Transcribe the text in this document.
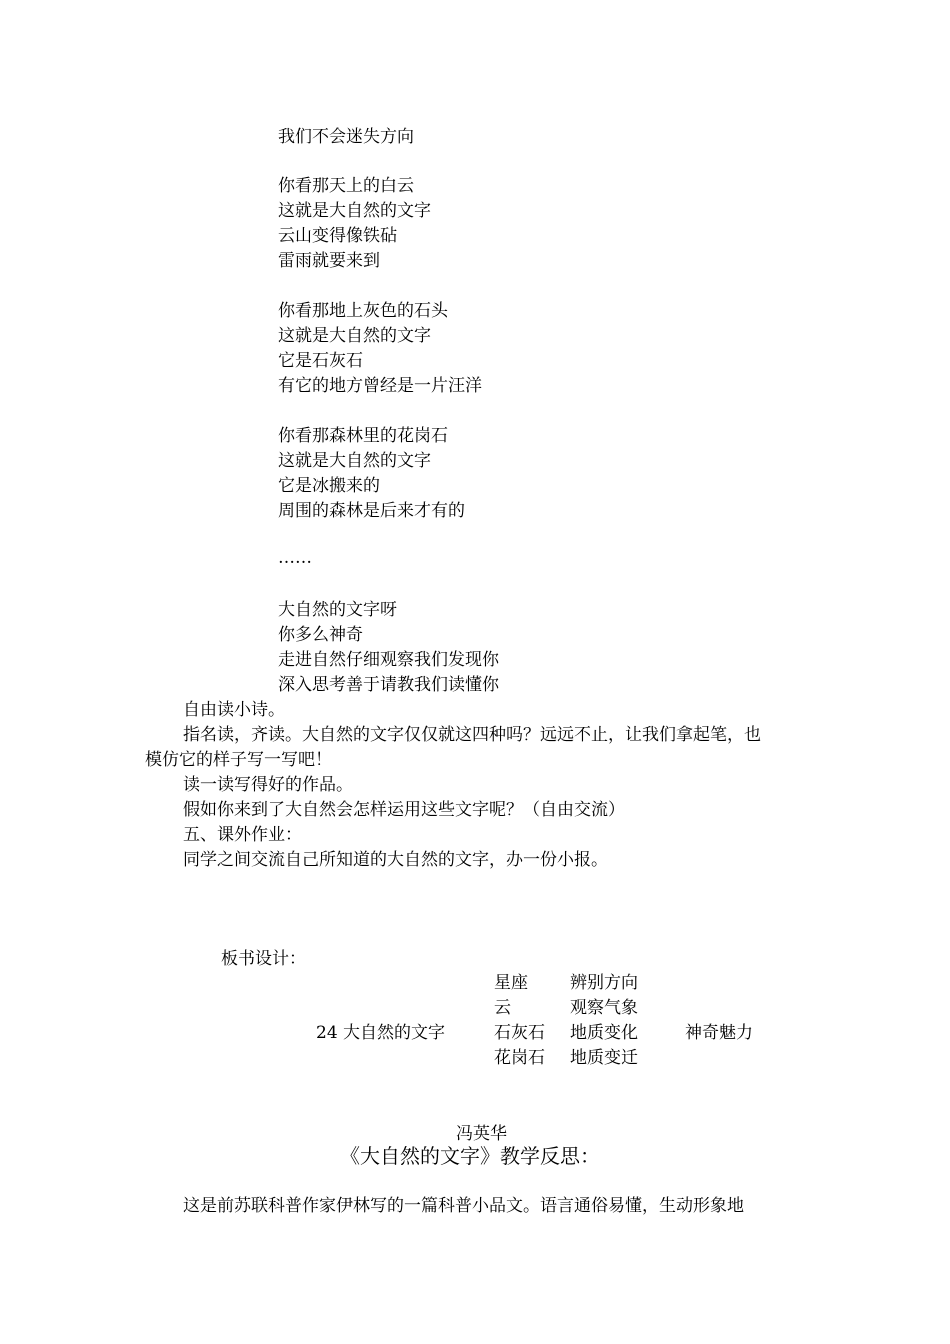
我们不会迷失方向
你看那天上的白云
这就是大自然的文字
云山变得像铁砧
雷雨就要来到
你看那地上灰色的石头
这就是大自然的文字
它是石灰石
有它的地方曾经是一片汪洋
你看那森林里的花岗石
这就是大自然的文字
它是冰搬来的
周围的森林是后来才有的
……
大自然的文字呀
你多么神奇
走进自然仔细观察我们发现你
深入思考善于请教我们读懂你
自由读小诗。
指名读，齐读。大自然的文字仅仅就这四种吗？远远不止，让我们拿起笔，也
模仿它的样子写一写吧！
读一读写得好的作品。
假如你来到了大自然会怎样运用这些文字呢？（自由交流）
五、课外作业：
同学之间交流自己所知道的大自然的文字，办一份小报。
板书设计：
24 大自然的文字
星座 辨别方向
云	观察气象
石灰石 地质变化
花岗石 地质变迁
神奇魅力
冯英华
《大自然的文字》教学反思：
这是前苏联科普作家伊林写的一篇科普小品文。语言通俗易懂，生动形象地
